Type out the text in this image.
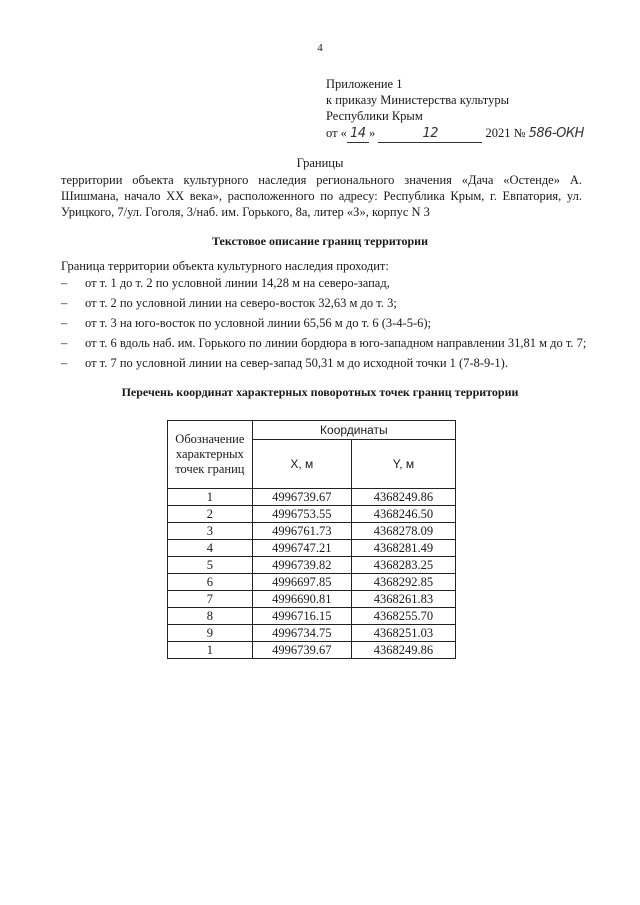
4
Приложение 1
к приказу Министерства культуры
Республики Крым
от « 14 »	12	2021 № 586-ОКН
Границы
территории объекта культурного наследия регионального значения «Дача «Остенде» А. Шишмана, начало XX века», расположенного по адресу: Республика Крым, г. Евпатория, ул. Урицкого, 7/ул. Гоголя, 3/наб. им. Горького, 8а, литер «З», корпус N 3
Текстовое описание границ территории
Граница территории объекта культурного наследия проходит:
– от т. 1 до т. 2 по условной линии 14,28 м на северо-запад,
– от т. 2 по условной линии на северо-восток 32,63 м до т. 3;
– от т. 3 на юго-восток по условной линии 65,56 м до т. 6 (3-4-5-6);
– от т. 6 вдоль наб. им. Горького по линии бордюра в юго-западном направлении 31,81 м до т. 7;
– от т. 7 по условной линии на север-запад 50,31 м до исходной точки 1 (7-8-9-1).
Перечень координат характерных поворотных точек границ территории
Обозначение характерных точек границ	Координаты	
	X, м	Y, м
1	4996739.67	4368249.86
2	4996753.55	4368246.50
3	4996761.73	4368278.09
4	4996747.21	4368281.49
5	4996739.82	4368283.25
6	4996697.85	4368292.85
7	4996690.81	4368261.83
8	4996716.15	4368255.70
9	4996734.75	4368251.03
1	4996739.67	4368249.86
